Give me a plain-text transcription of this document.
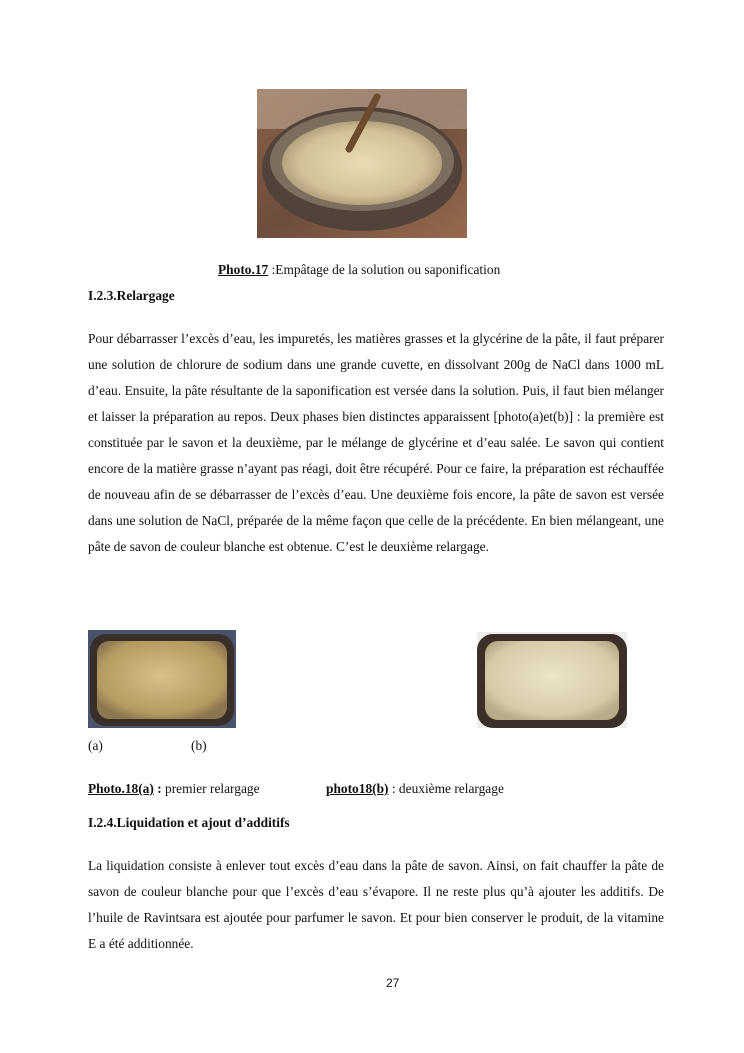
Photo.17 :Empâtage de la solution ou saponification
I.2.3.Relargage

Pour débarrasser l’excès d’eau, les impuretés, les matières grasses et la glycérine de la pâte, il faut préparer une solution de chlorure de sodium dans une grande cuvette, en dissolvant 200g de NaCl dans 1000 mL d’eau. Ensuite, la pâte résultante de la saponification est versée dans la solution. Puis, il faut bien mélanger et laisser la préparation au repos. Deux phases bien distinctes apparaissent [photo(a)et(b)] : la première est constituée par le savon et la deuxième, par le mélange de glycérine et d’eau salée. Le savon qui contient encore de la matière grasse n’ayant pas réagi, doit être récupéré. Pour ce faire, la préparation est réchauffée de nouveau afin de se débarrasser de l’excès d’eau. Une deuxième fois encore, la pâte de savon est versée dans une solution de NaCl, préparée de la même façon que celle de la précédente. En bien mélangeant, une pâte de savon de couleur blanche est obtenue. C’est le deuxième relargage.

(a)	(b)
Photo.18(a) : premier relargage	photo18(b) : deuxième relargage
I.2.4.Liquidation et ajout d’additifs

La liquidation consiste à enlever tout excès d’eau dans la pâte de savon. Ainsi, on fait chauffer la pâte de savon de couleur blanche pour que l’excès d’eau s’évapore. Il ne reste plus qu’à ajouter les additifs. De l’huile de Ravintsara est ajoutée pour parfumer le savon. Et pour bien conserver le produit, de la vitamine E a été additionnée.

27
